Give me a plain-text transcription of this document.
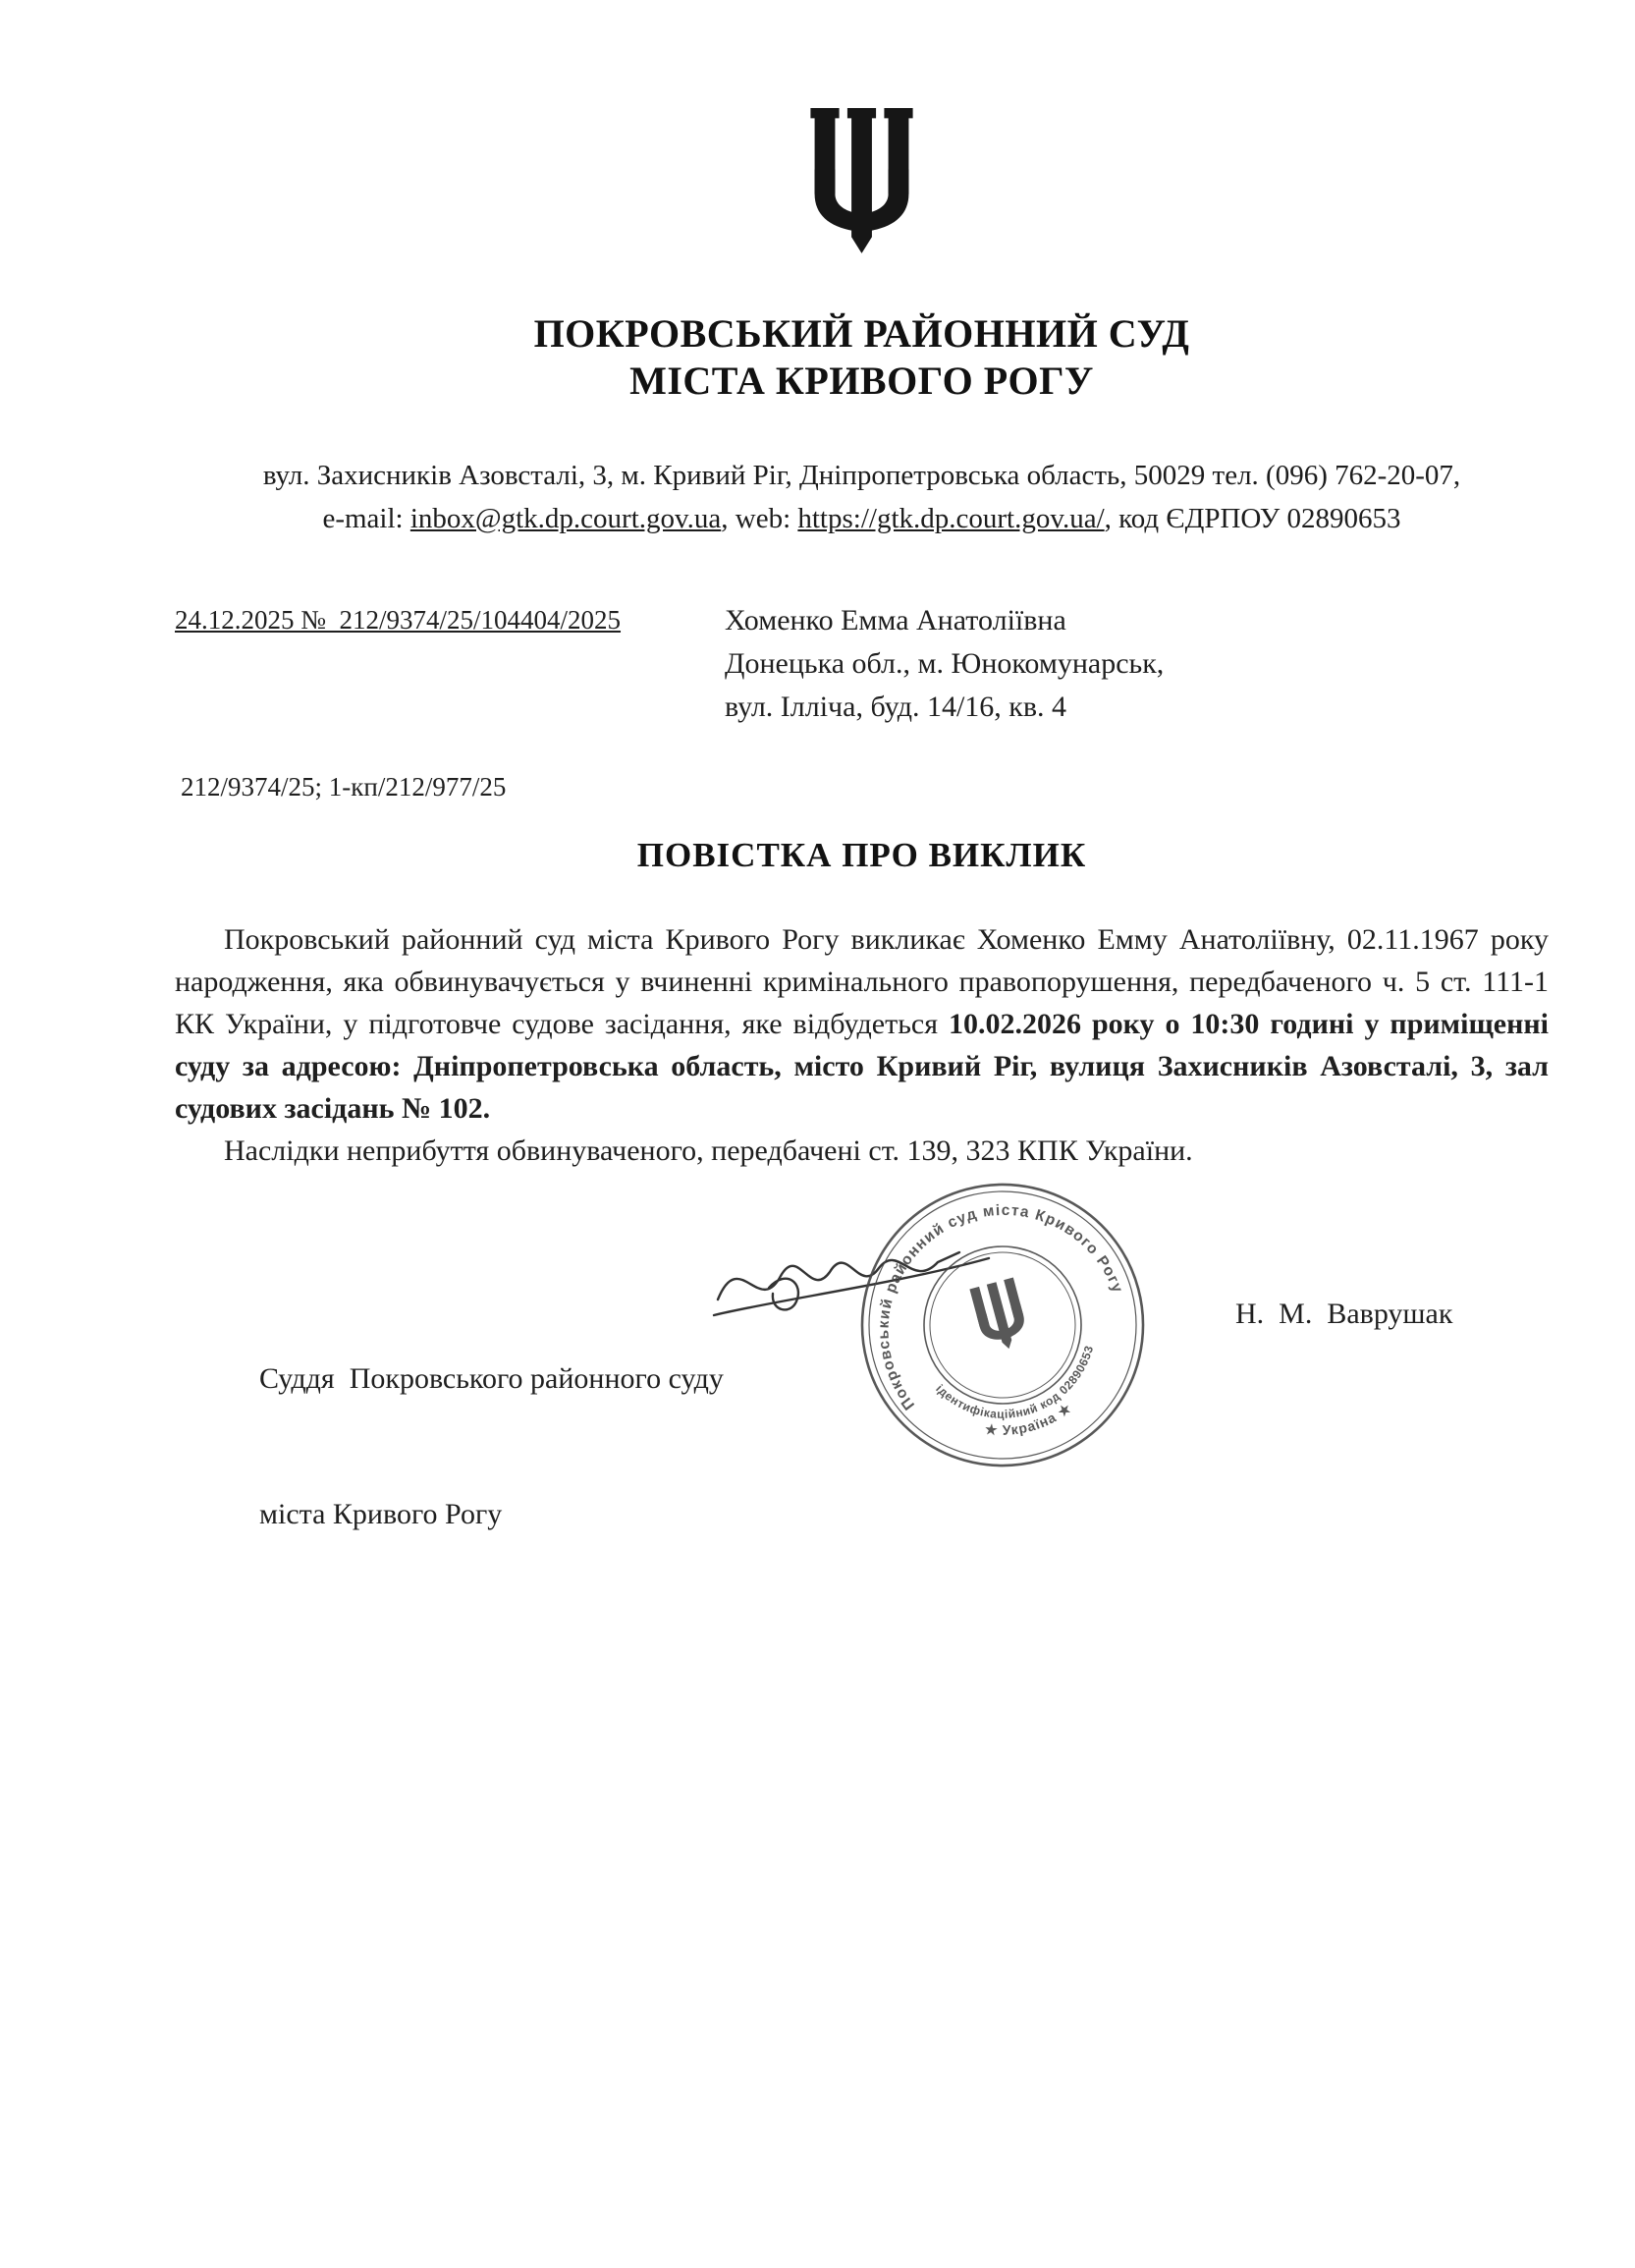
ПОКРОВСЬКИЙ РАЙОННИЙ СУД
МІСТА КРИВОГО РОГУ
вул. Захисників Азовсталі, 3, м. Кривий Ріг, Дніпропетровська область, 50029 тел. (096) 762-20-07,
e-mail: inbox@gtk.dp.court.gov.ua, web: https://gtk.dp.court.gov.ua/, код ЄДРПОУ 02890653
24.12.2025 №  212/9374/25/104404/2025	Хоменко Емма Анатоліївна
Донецька обл., м. Юнокомунарськ,
вул. Ілліча, буд. 14/16, кв. 4
212/9374/25; 1-кп/212/977/25
ПОВІСТКА ПРО ВИКЛИК

Покровський районний суд міста Кривого Рогу викликає Хоменко Емму Анатоліївну, 02.11.1967 року народження, яка обвинувачується у вчиненні кримінального правопорушення, передбаченого ч. 5 ст. 111-1 КК України, у підготовче судове засідання, яке відбудеться 10.02.2026 року о 10:30 годині у приміщенні суду за адресою: Дніпропетровська область, місто Кривий Ріг, вулиця Захисників Азовсталі, 3, зал судових засідань № 102.

Наслідки неприбуття обвинуваченого, передбачені ст. 139, 323 КПК України.

Суддя  Покровського районного суду

міста Кривого Рогу

Покровський районний суд міста Кривого Рогу
★ Україна ★
ідентифікаційний код 02890653
Н.  М.  Ваврушак
